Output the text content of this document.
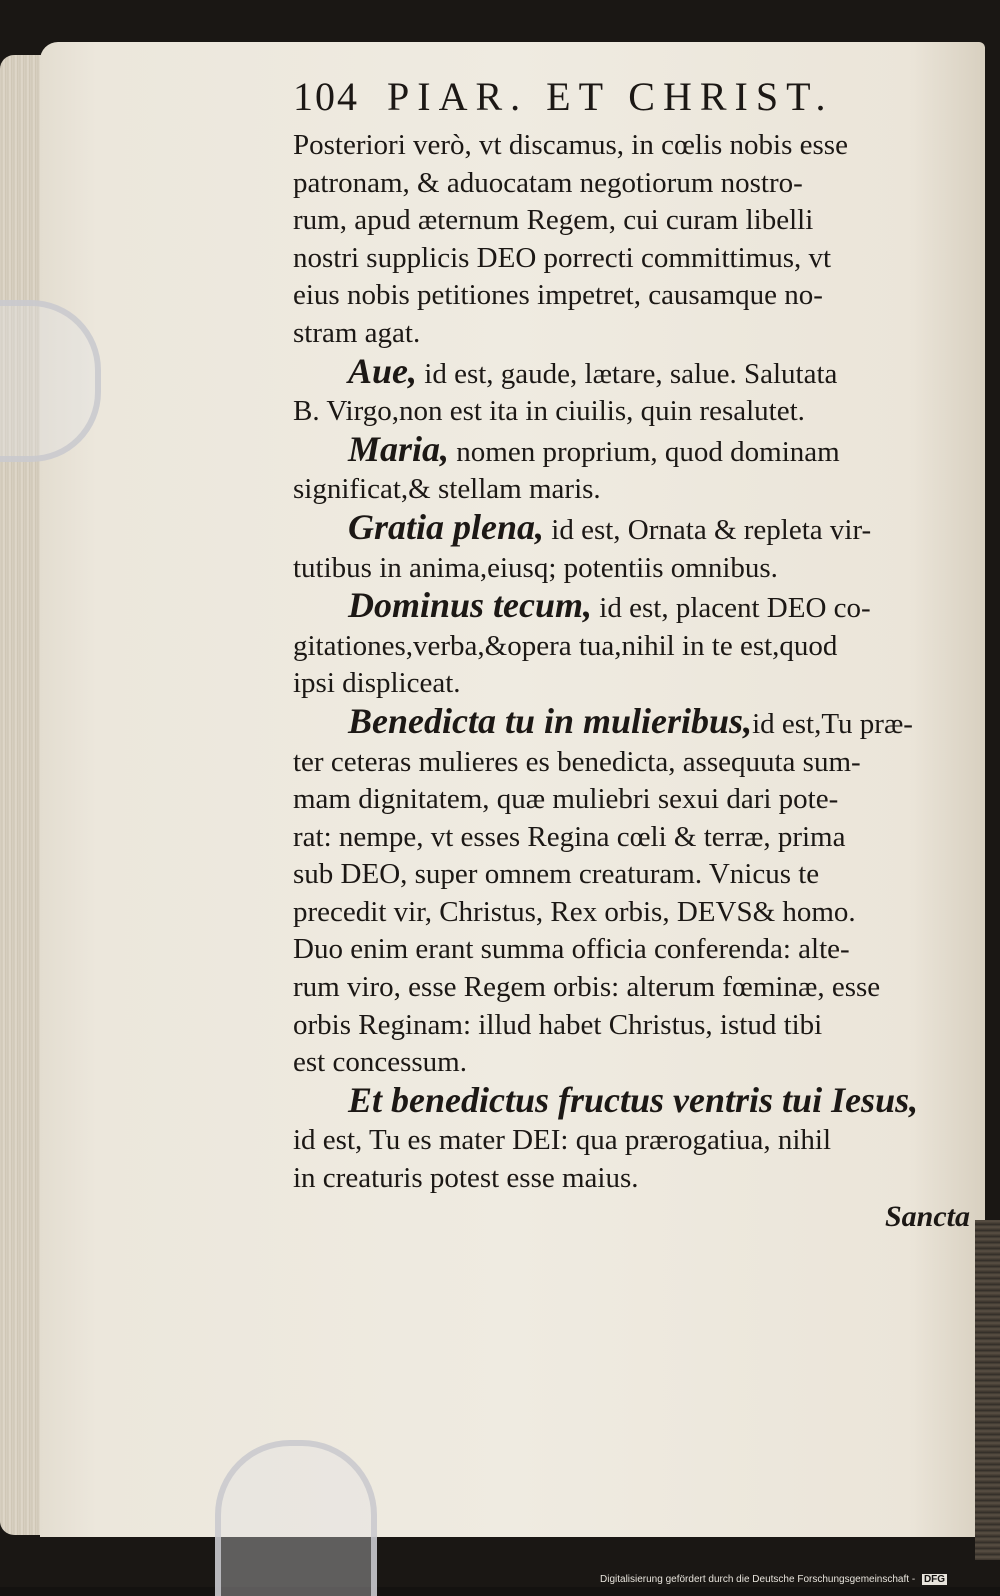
104 PIAR. ET CHRIST.
Posteriori verò, vt discamus, in cœlis nobis esse
patronam, & aduocatam negotiorum nostro-
rum, apud æternum Regem, cui curam libelli
nostri supplicis DEO porrecti committimus, vt
eius nobis petitiones impetret, causamque no-
stram agat.
Aue, id est, gaude, lætare, salue. Salutata
B. Virgo,non est ita in ciuilis, quin resalutet.
Maria, nomen proprium, quod dominam
significat,& stellam maris.
Gratia plena, id est, Ornata & repleta vir-
tutibus in anima,eiusq; potentiis omnibus.
Dominus tecum, id est, placent DEO co-
gitationes,verba,&opera tua,nihil in te est,quod
ipsi displiceat.
Benedicta tu in mulieribus,id est,Tu præ-
ter ceteras mulieres es benedicta, assequuta sum-
mam dignitatem, quæ muliebri sexui dari pote-
rat: nempe, vt esses Regina cœli & terræ, prima
sub DEO, super omnem creaturam. Vnicus te
precedit vir, Christus, Rex orbis, DEVS& homo.
Duo enim erant summa officia conferenda: alte-
rum viro, esse Regem orbis: alterum fœminæ, esse
orbis Reginam: illud habet Christus, istud tibi
est concessum.
Et benedictus fructus ventris tui Iesus,
id est, Tu es mater DEI: qua prærogatiua, nihil
in creaturis potest esse maius.
Sancta
Digitalisierung gefördert durch die Deutsche Forschungsgemeinschaft - DFG
